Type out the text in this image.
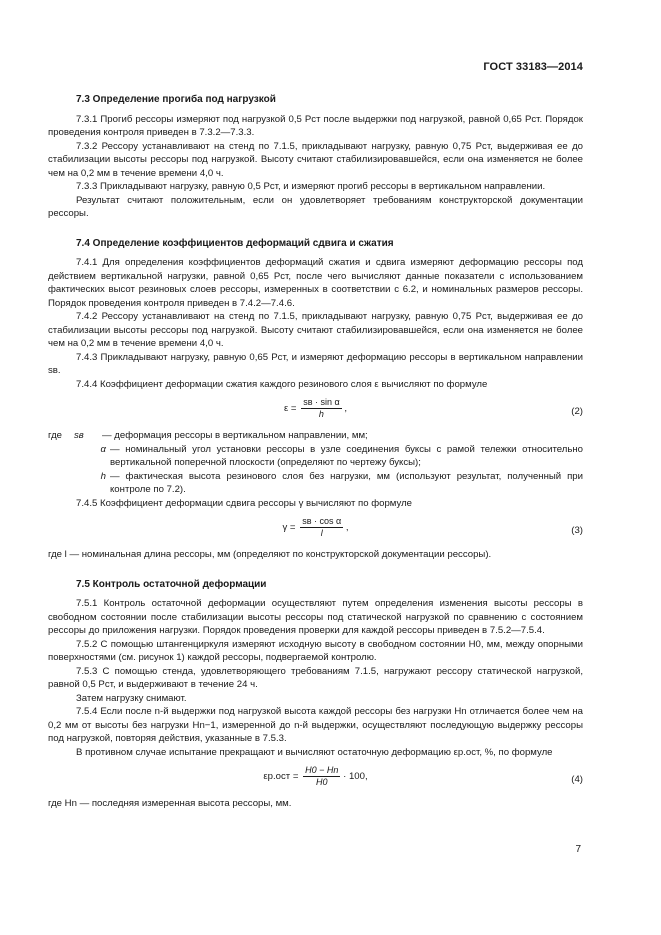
ГОСТ 33183—2014
7.3 Определение прогиба под нагрузкой

7.3.1 Прогиб рессоры измеряют под нагрузкой 0,5 Pст после выдержки под нагрузкой, равной 0,65 Pст. Порядок проведения контроля приведен в 7.3.2—7.3.3.

7.3.2 Рессору устанавливают на стенд по 7.1.5, прикладывают нагрузку, равную 0,75 Pст, выдерживая ее до стабилизации высоты рессоры под нагрузкой. Высоту считают стабилизировавшейся, если она изменяется не более чем на 0,2 мм в течение времени 4,0 ч.

7.3.3 Прикладывают нагрузку, равную 0,5 Pст, и измеряют прогиб рессоры в вертикальном направлении.

Результат считают положительным, если он удовлетворяет требованиям конструкторской документации рессоры.

7.4 Определение коэффициентов деформаций сдвига и сжатия

7.4.1 Для определения коэффициентов деформаций сжатия и сдвига измеряют деформацию рессоры под действием вертикальной нагрузки, равной 0,65 Pст, после чего вычисляют данные показатели с использованием фактических высот резиновых слоев рессоры, измеренных в соответствии с 6.2, и номинальных размеров рессоры. Порядок проведения контроля приведен в 7.4.2—7.4.6.

7.4.2 Рессору устанавливают на стенд по 7.1.5, прикладывают нагрузку, равную 0,75 Pст, выдерживая ее до стабилизации высоты рессоры под нагрузкой. Высоту считают стабилизировавшейся, если она изменяется не более чем на 0,2 мм в течение времени 4,0 ч.

7.4.3 Прикладывают нагрузку, равную 0,65 Pст, и измеряют деформацию рессоры в вертикальном направлении sв.

7.4.4 Коэффициент деформации сжатия каждого резинового слоя ε вычисляют по формуле

$\varepsilon = \frac{\text{sв · sin α}}{h}$ ,	(2)
где	sв	— деформация рессоры в вертикальном направлении, мм;
α — номинальный угол установки рессоры в узле соединения буксы с рамой тележки относительно вертикальной поперечной плоскости (определяют по чертежу буксы);
h — фактическая высота резинового слоя без нагрузки, мм (используют результат, полученный при контроле по 7.2).

7.4.5 Коэффициент деформации сдвига рессоры γ вычисляют по формуле

$\gamma = \frac{\text{sв · cos α}}{l}$ ,	(3)

где l — номинальная длина рессоры, мм (определяют по конструкторской документации рессоры).

7.5 Контроль остаточной деформации

7.5.1 Контроль остаточной деформации осуществляют путем определения изменения высоты рессоры в свободном состоянии после стабилизации высоты рессоры под статической нагрузкой по сравнению с состоянием рессоры до приложения нагрузки. Порядок проведения проверки для каждой рессоры приведен в 7.5.2—7.5.4.

7.5.2 С помощью штангенциркуля измеряют исходную высоту в свободном состоянии H0, мм, между опорными поверхностями (см. рисунок 1) каждой рессоры, подвергаемой контролю.

7.5.3 С помощью стенда, удовлетворяющего требованиям 7.1.5, нагружают рессору статической нагрузкой, равной 0,5 Pст, и выдерживают в течение 24 ч.

Затем нагрузку снимают.

7.5.4 Если после n-й выдержки под нагрузкой высота каждой рессоры без нагрузки Hn отличается более чем на 0,2 мм от высоты без нагрузки Hn−1, измеренной до n-й выдержки, осуществляют последующую выдержку рессоры под нагрузкой, повторяя действия, указанные в 7.5.3.

В противном случае испытание прекращают и вычисляют остаточную деформацию εр.ост, %, по формуле

$\varepsilon р.ост = \frac{H0 - Hn}{H0} \cdot 100$,	(4)

где Hn — последняя измеренная высота рессоры, мм.

7
